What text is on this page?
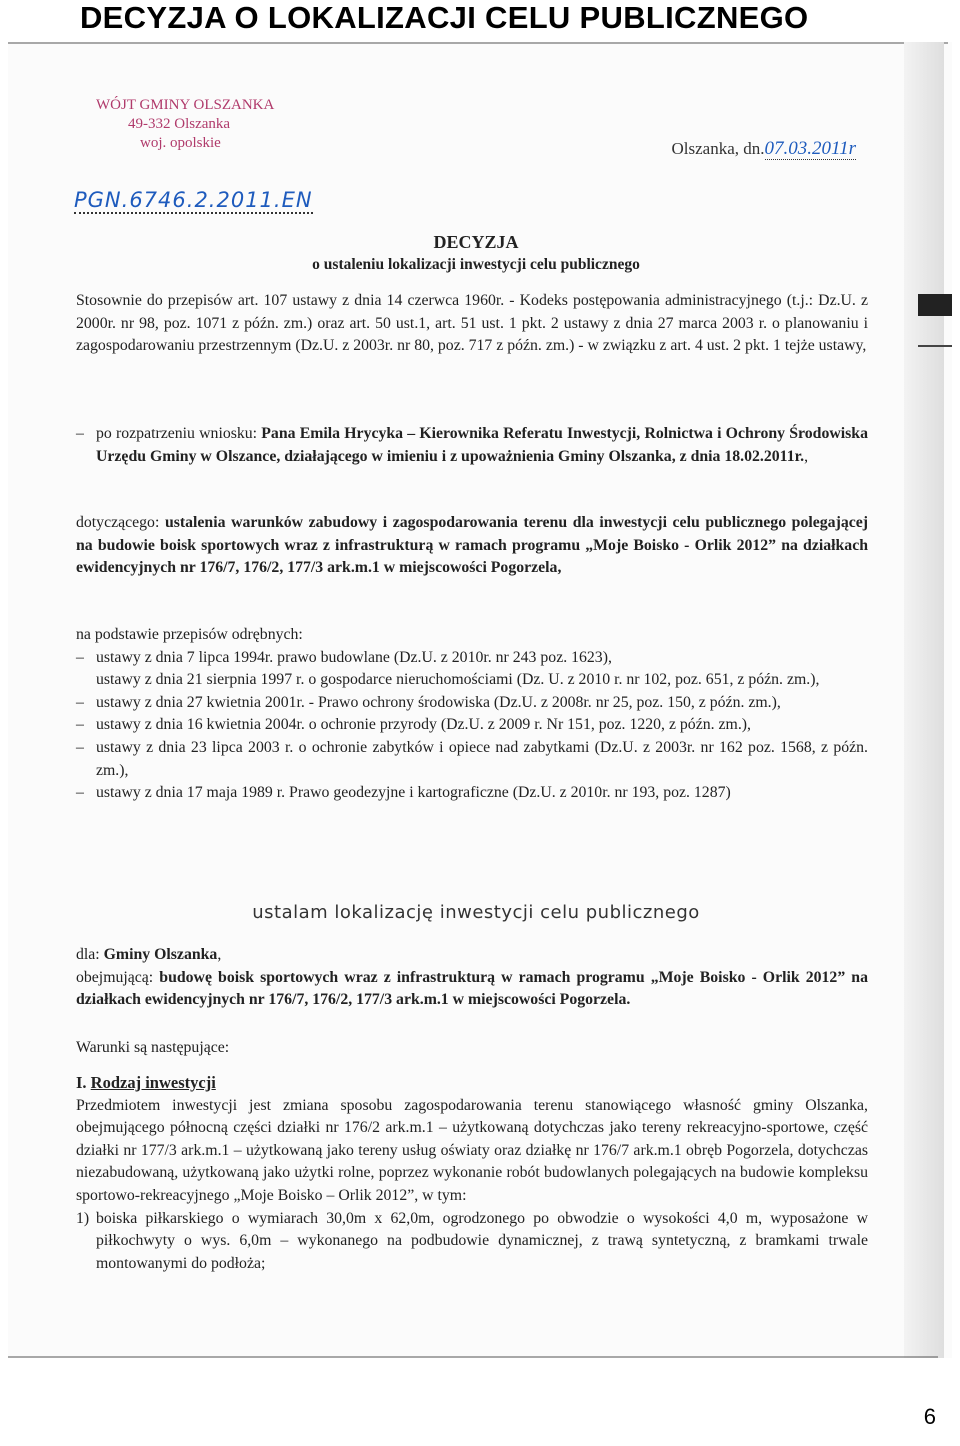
DECYZJA O LOKALIZACJI CELU PUBLICZNEGO
WÓJT GMINY OLSZANKA
49-332 Olszanka
woj. opolskie	Olszanka, dn.07.03.2011r
PGN.6746.2.2011.EN
DECYZJA
o ustaleniu lokalizacji inwestycji celu publicznego
Stosownie do przepisów art. 107 ustawy z dnia 14 czerwca 1960r. - Kodeks postępowania administracyjnego (t.j.: Dz.U. z 2000r. nr 98, poz. 1071 z późn. zm.) oraz art. 50 ust.1, art. 51 ust. 1 pkt. 2 ustawy z dnia 27 marca 2003 r. o planowaniu i zagospodarowaniu przestrzennym (Dz.U. z 2003r. nr 80, poz. 717 z późn. zm.) - w związku z art. 4 ust. 2 pkt. 1 tejże ustawy,
– po rozpatrzeniu wniosku: Pana Emila Hrycyka – Kierownika Referatu Inwestycji, Rolnictwa i Ochrony Środowiska Urzędu Gminy w Olszance, działającego w imieniu i z upoważnienia Gminy Olszanka, z dnia 18.02.2011r.,
dotyczącego: ustalenia warunków zabudowy i zagospodarowania terenu dla inwestycji celu publicznego polegającej na budowie boisk sportowych wraz z infrastrukturą w ramach programu „Moje Boisko - Orlik 2012” na działkach ewidencyjnych nr 176/7, 176/2, 177/3 ark.m.1 w miejscowości Pogorzela,
na podstawie przepisów odrębnych:
– ustawy z dnia 7 lipca 1994r. prawo budowlane (Dz.U. z 2010r. nr 243 poz. 1623),
ustawy z dnia 21 sierpnia 1997 r. o gospodarce nieruchomościami (Dz. U. z 2010 r. nr 102, poz. 651, z późn. zm.),
– ustawy z dnia 27 kwietnia 2001r. - Prawo ochrony środowiska (Dz.U. z 2008r. nr 25, poz. 150, z późn. zm.),
– ustawy z dnia 16 kwietnia 2004r. o ochronie przyrody (Dz.U. z 2009 r. Nr 151, poz. 1220, z późn. zm.),
– ustawy z dnia 23 lipca 2003 r. o ochronie zabytków i opiece nad zabytkami (Dz.U. z 2003r. nr 162 poz. 1568, z późn. zm.),
– ustawy z dnia 17 maja 1989 r. Prawo geodezyjne i kartograficzne (Dz.U. z 2010r. nr 193, poz. 1287)
ustalam lokalizację inwestycji celu publicznego
dla: Gminy Olszanka,
obejmującą: budowę boisk sportowych wraz z infrastrukturą w ramach programu „Moje Boisko - Orlik 2012” na działkach ewidencyjnych nr 176/7, 176/2, 177/3 ark.m.1 w miejscowości Pogorzela.
Warunki są następujące:
I. Rodzaj inwestycji
Przedmiotem inwestycji jest zmiana sposobu zagospodarowania terenu stanowiącego własność gminy Olszanka, obejmującego północną części działki nr 176/2 ark.m.1 – użytkowaną dotychczas jako tereny rekreacyjno-sportowe, część działki nr 177/3 ark.m.1 – użytkowaną jako tereny usług oświaty oraz działkę nr 176/7 ark.m.1 obręb Pogorzela, dotychczas niezabudowaną, użytkowaną jako użytki rolne, poprzez wykonanie robót budowlanych polegających na budowie kompleksu sportowo-rekreacyjnego „Moje Boisko – Orlik 2012”, w tym:
1) boiska piłkarskiego o wymiarach 30,0m x 62,0m, ogrodzonego po obwodzie o wysokości 4,0 m, wyposażone w piłkochwyty o wys. 6,0m – wykonanego na podbudowie dynamicznej, z trawą syntetyczną, z bramkami trwale montowanymi do podłoża;
6
